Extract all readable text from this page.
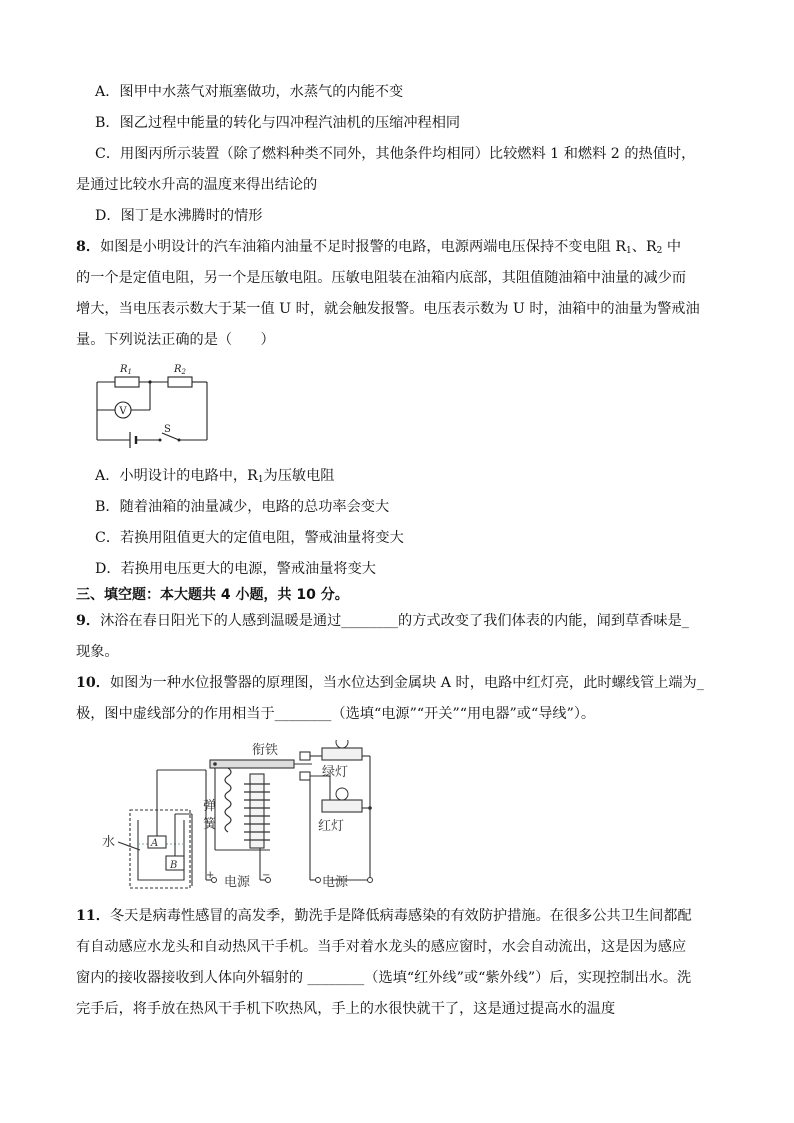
A．图甲中水蒸气对瓶塞做功，水蒸气的内能不变
B．图乙过程中能量的转化与四冲程汽油机的压缩冲程相同
C．用图丙所示装置（除了燃料种类不同外，其他条件均相同）比较燃料 1 和燃料 2 的热值时，
是通过比较水升高的温度来得出结论的
D．图丁是水沸腾时的情形
8．如图是小明设计的汽车油箱内油量不足时报警的电路，电源两端电压保持不变电阻 $R_1$、$R_2$ 中
的一个是定值电阻，另一个是压敏电阻。压敏电阻装在油箱内底部，其阻值随油箱中油量的减少而
增大，当电压表示数大于某一值 U 时，就会触发报警。电压表示数为 U 时，油箱中的油量为警戒油
量。下列说法正确的是（　　）
$R_1$	$R_2$
V
S
A．小明设计的电路中，$R_1$为压敏电阻
B．随着油箱的油量减少，电路的总功率会变大
C．若换用阻值更大的定值电阻，警戒油量将变大
D．若换用电压更大的电源，警戒油量将变大
三、填空题：本大题共 4 小题，共 10 分。
9．沐浴在春日阳光下的人感到温暖是通过________的方式改变了我们体表的内能，闻到草香味是_
现象。
10．如图为一种水位报警器的原理图，当水位达到金属块 A 时，电路中红灯亮，此时螺线管上端为_
极，图中虚线部分的作用相当于________（选填“电源”“开关”“用电器”或“导线”）。
衔铁
弹
簧
绿灯
红灯
水
电源	电源
A
B
+	−
11．冬天是病毒性感冒的高发季，勤洗手是降低病毒感染的有效防护措施。在很多公共卫生间都配
有自动感应水龙头和自动热风干手机。当手对着水龙头的感应窗时，水会自动流出，这是因为感应
窗内的接收器接收到人体向外辐射的 ________（选填“红外线”或“紫外线”）后，实现控制出水。洗
完手后，将手放在热风干手机下吹热风，手上的水很快就干了，这是通过提高水的温度
